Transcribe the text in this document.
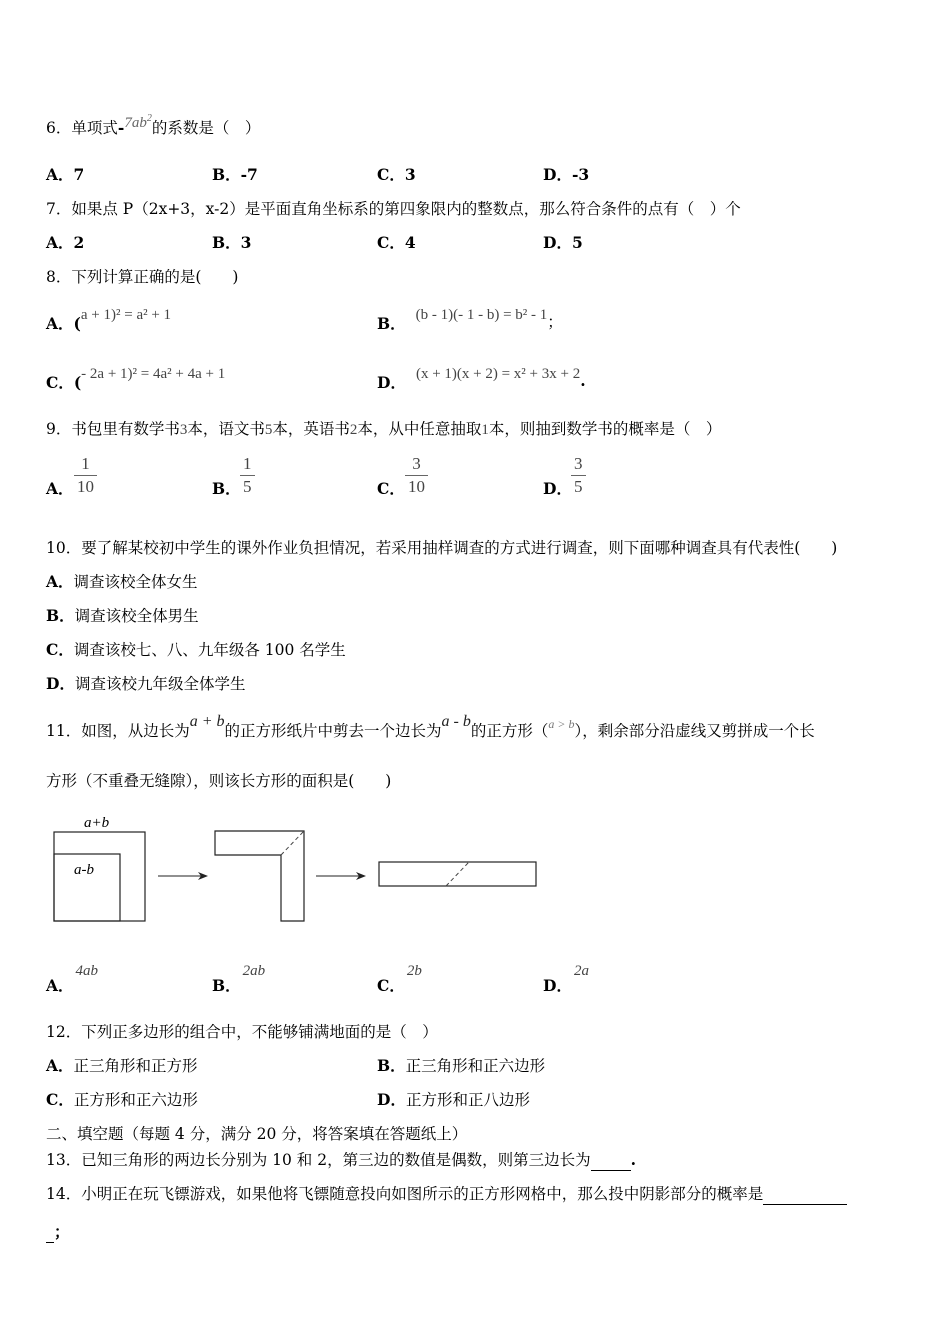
6．单项式$-7ab^2$的系数是（　）
A．7	B．-7	C．3	D．-3
7．如果点 P（2x+3，x-2）是平面直角坐标系的第四象限内的整数点，那么符合条件的点有（　）个
A．2	B．3	C．4	D．5
8．下列计算正确的是(　　)
A．(a + 1)² = a² + 1	B． (b - 1)(- 1 - b) = b² - 1；
C．(- 2a + 1)² = 4a² + 4a + 1	D． (x + 1)(x + 2) = x² + 3x + 2.
9．书包里有数学书3本，语文书5本，英语书2本，从中任意抽取1本，则抽到数学书的概率是（　）
A．
1
10	B．
1
5	C．
3
10	D．
3
5
10．要了解某校初中学生的课外作业负担情况，若采用抽样调查的方式进行调查，则下面哪种调查具有代表性(　　)
A．调查该校全体女生
B．调查该校全体男生
C．调查该校七、八、九年级各 100 名学生
D．调查该校九年级全体学生
11．如图，从边长为a + b的正方形纸片中剪去一个边长为a - b的正方形（$^{a > b}$），剩余部分沿虚线又剪拼成一个长
方形（不重叠无缝隙），则该长方形的面积是(　　)
a+b
a-b
A．4ab
B．2ab
C．2b
D．2a
12．下列正多边形的组合中，不能够铺满地面的是（　）
A．正三角形和正方形	B．正三角形和正六边形
C．正方形和正六边形	D．正方形和正八边形
二、填空题（每题 4 分，满分 20 分，将答案填在答题纸上）
13．已知三角形的两边长分别为 10 和 2，第三边的数值是偶数，则第三边长为	.
14．小明正在玩飞镖游戏，如果他将飞镖随意投向如图所示的正方形网格中，那么投中阴影部分的概率是
；
